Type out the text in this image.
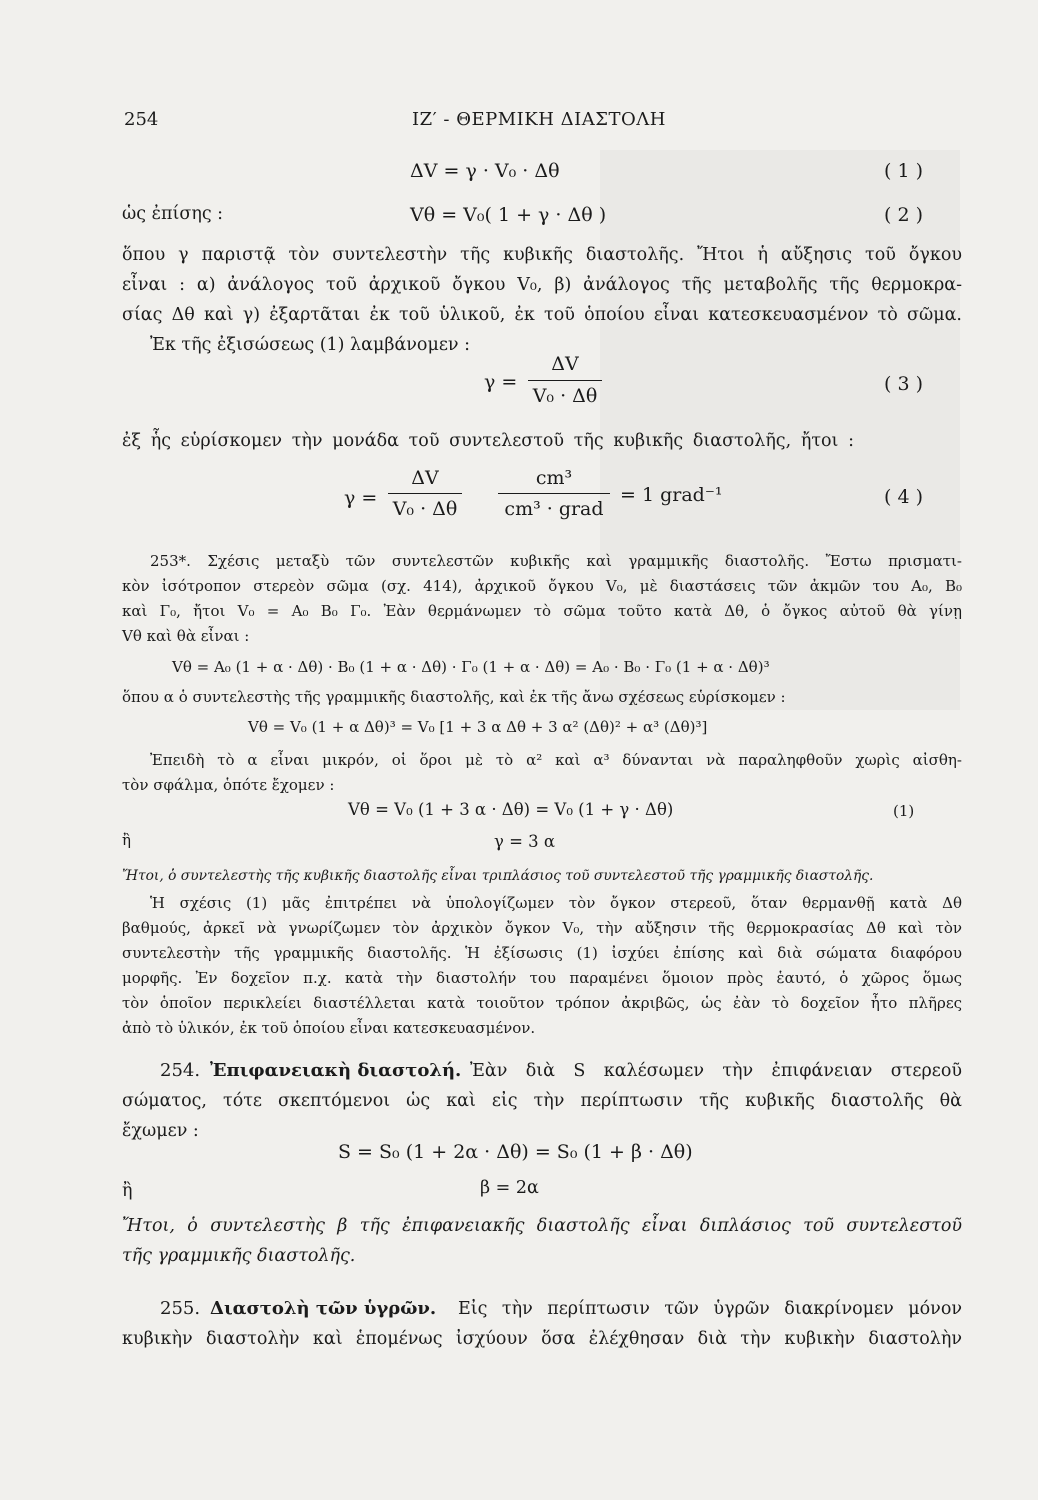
254	ΙΖ′ - ΘΕΡΜΙΚΗ ΔΙΑΣΤΟΛΗ
ΔV = γ · V₀ · Δθ	( 1 )
ὡς ἐπίσης :	Vθ = V₀( 1 + γ · Δθ )	( 2 )
ὅπου γ παριστᾷ τὸν συντελεστὴν τῆς κυβικῆς διαστολῆς. Ἤτοι ἡ αὔξησις τοῦ ὄγκου
εἶναι : α) ἀνάλογος τοῦ ἀρχικοῦ ὄγκου V₀, β) ἀνάλογος τῆς μεταβολῆς τῆς θερμοκρα-
σίας Δθ καὶ γ) ἐξαρτᾶται ἐκ τοῦ ὑλικοῦ, ἐκ τοῦ ὁποίου εἶναι κατεσκευασμένον τὸ σῶμα.
Ἐκ τῆς ἐξισώσεως (1) λαμβάνομεν :
γ =
ΔV
V₀ · Δθ
( 3 )
ἐξ ἧς εὑρίσκομεν τὴν μονάδα τοῦ συντελεστοῦ τῆς κυβικῆς διαστολῆς, ἤτοι :
γ =
ΔV
V₀ · Δθ
cm³
cm³ · grad
= 1 grad⁻¹	( 4 )
253*. Σχέσις μεταξὺ τῶν συντελεστῶν κυβικῆς καὶ γραμμικῆς διαστολῆς. Ἔστω πρισματι-
κὸν ἰσότροπον στερεὸν σῶμα (σχ. 414), ἀρχικοῦ ὄγκου V₀, μὲ διαστάσεις τῶν ἀκμῶν του A₀, B₀
καὶ Γ₀, ἤτοι V₀ = A₀ B₀ Γ₀. Ἐὰν θερμάνωμεν τὸ σῶμα τοῦτο κατὰ Δθ, ὁ ὄγκος αὐτοῦ θὰ γίνῃ
Vθ καὶ θὰ εἶναι :
Vθ = A₀ (1 + α · Δθ) · B₀ (1 + α · Δθ) · Γ₀ (1 + α · Δθ) = A₀ · B₀ · Γ₀ (1 + α · Δθ)³
ὅπου α ὁ συντελεστὴς τῆς γραμμικῆς διαστολῆς, καὶ ἐκ τῆς ἄνω σχέσεως εὑρίσκομεν :
Vθ = V₀ (1 + α Δθ)³ = V₀ [1 + 3 α Δθ + 3 α² (Δθ)² + α³ (Δθ)³]
Ἐπειδὴ τὸ α εἶναι μικρόν, οἱ ὅροι μὲ τὸ α² καὶ α³ δύνανται νὰ παραληφθοῦν χωρὶς αἰσθη-
τὸν σφάλμα, ὁπότε ἔχομεν :
Vθ = V₀ (1 + 3 α · Δθ) = V₀ (1 + γ · Δθ)	(1)
ἢ	γ = 3 α
Ἤτοι, ὁ συντελεστὴς τῆς κυβικῆς διαστολῆς εἶναι τριπλάσιος τοῦ συντελεστοῦ τῆς γραμμικῆς διαστολῆς.
Ἡ σχέσις (1) μᾶς ἐπιτρέπει νὰ ὑπολογίζωμεν τὸν ὄγκον στερεοῦ, ὅταν θερμανθῇ κατὰ Δθ
βαθμούς, ἀρκεῖ νὰ γνωρίζωμεν τὸν ἀρχικὸν ὄγκον V₀, τὴν αὔξησιν τῆς θερμοκρασίας Δθ καὶ τὸν
συντελεστὴν τῆς γραμμικῆς διαστολῆς. Ἡ ἐξίσωσις (1) ἰσχύει ἐπίσης καὶ διὰ σώματα διαφόρου
μορφῆς. Ἐν δοχεῖον π.χ. κατὰ τὴν διαστολήν του παραμένει ὅμοιον πρὸς ἑαυτό, ὁ χῶρος ὅμως
τὸν ὁποῖον περικλείει διαστέλλεται κατὰ τοιοῦτον τρόπον ἀκριβῶς, ὡς ἐὰν τὸ δοχεῖον ἦτο πλῆρες
ἀπὸ τὸ ὑλικόν, ἐκ τοῦ ὁποίου εἶναι κατεσκευασμένον.
254. Ἐπιφανειακὴ διαστολή. Ἐὰν διὰ S καλέσωμεν τὴν ἐπιφάνειαν στερεοῦ
σώματος, τότε σκεπτόμενοι ὡς καὶ εἰς τὴν περίπτωσιν τῆς κυβικῆς διαστολῆς θὰ
ἔχωμεν :
S = S₀ (1 + 2α · Δθ) = S₀ (1 + β · Δθ)
ἢ	β = 2α
Ἤτοι, ὁ συντελεστὴς β τῆς ἐπιφανειακῆς διαστολῆς εἶναι διπλάσιος τοῦ συντελεστοῦ
τῆς γραμμικῆς διαστολῆς.
255. Διαστολὴ τῶν ὑγρῶν. Εἰς τὴν περίπτωσιν τῶν ὑγρῶν διακρίνομεν μόνον
κυβικὴν διαστολὴν καὶ ἑπομένως ἰσχύουν ὅσα ἐλέχθησαν διὰ τὴν κυβικὴν διαστολὴν
